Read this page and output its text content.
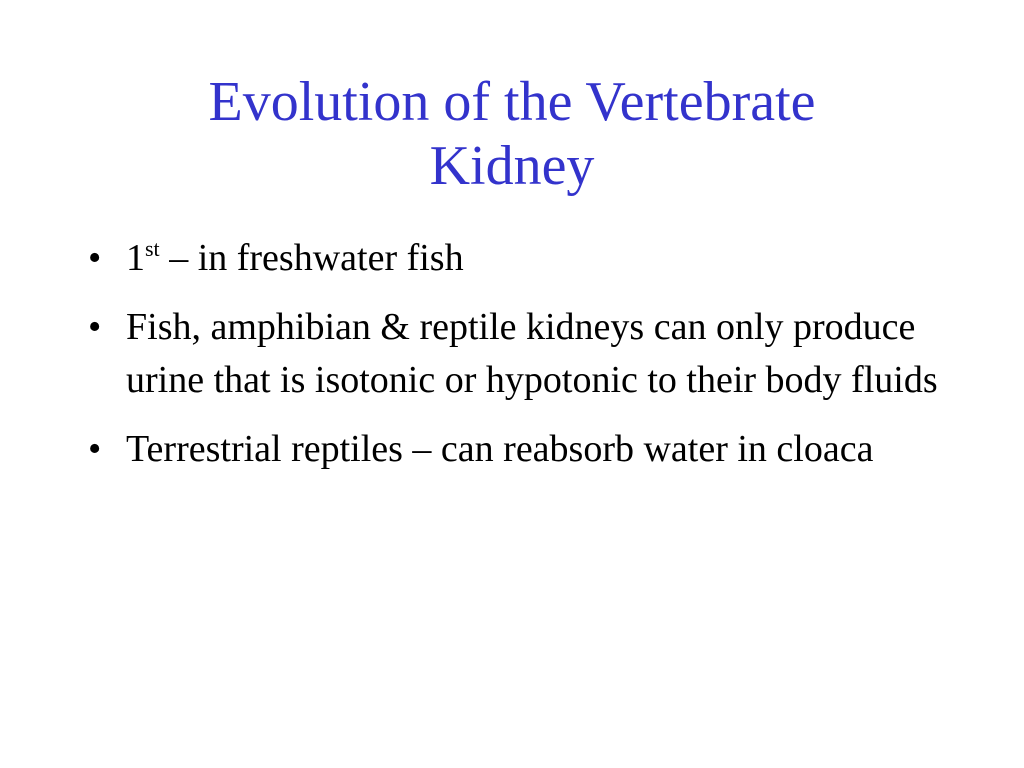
Evolution of the Vertebrate
Kidney
• 1st – in freshwater fish
• Fish, amphibian & reptile kidneys can only produce urine that is isotonic or hypotonic to their body fluids
• Terrestrial reptiles – can reabsorb water in cloaca
